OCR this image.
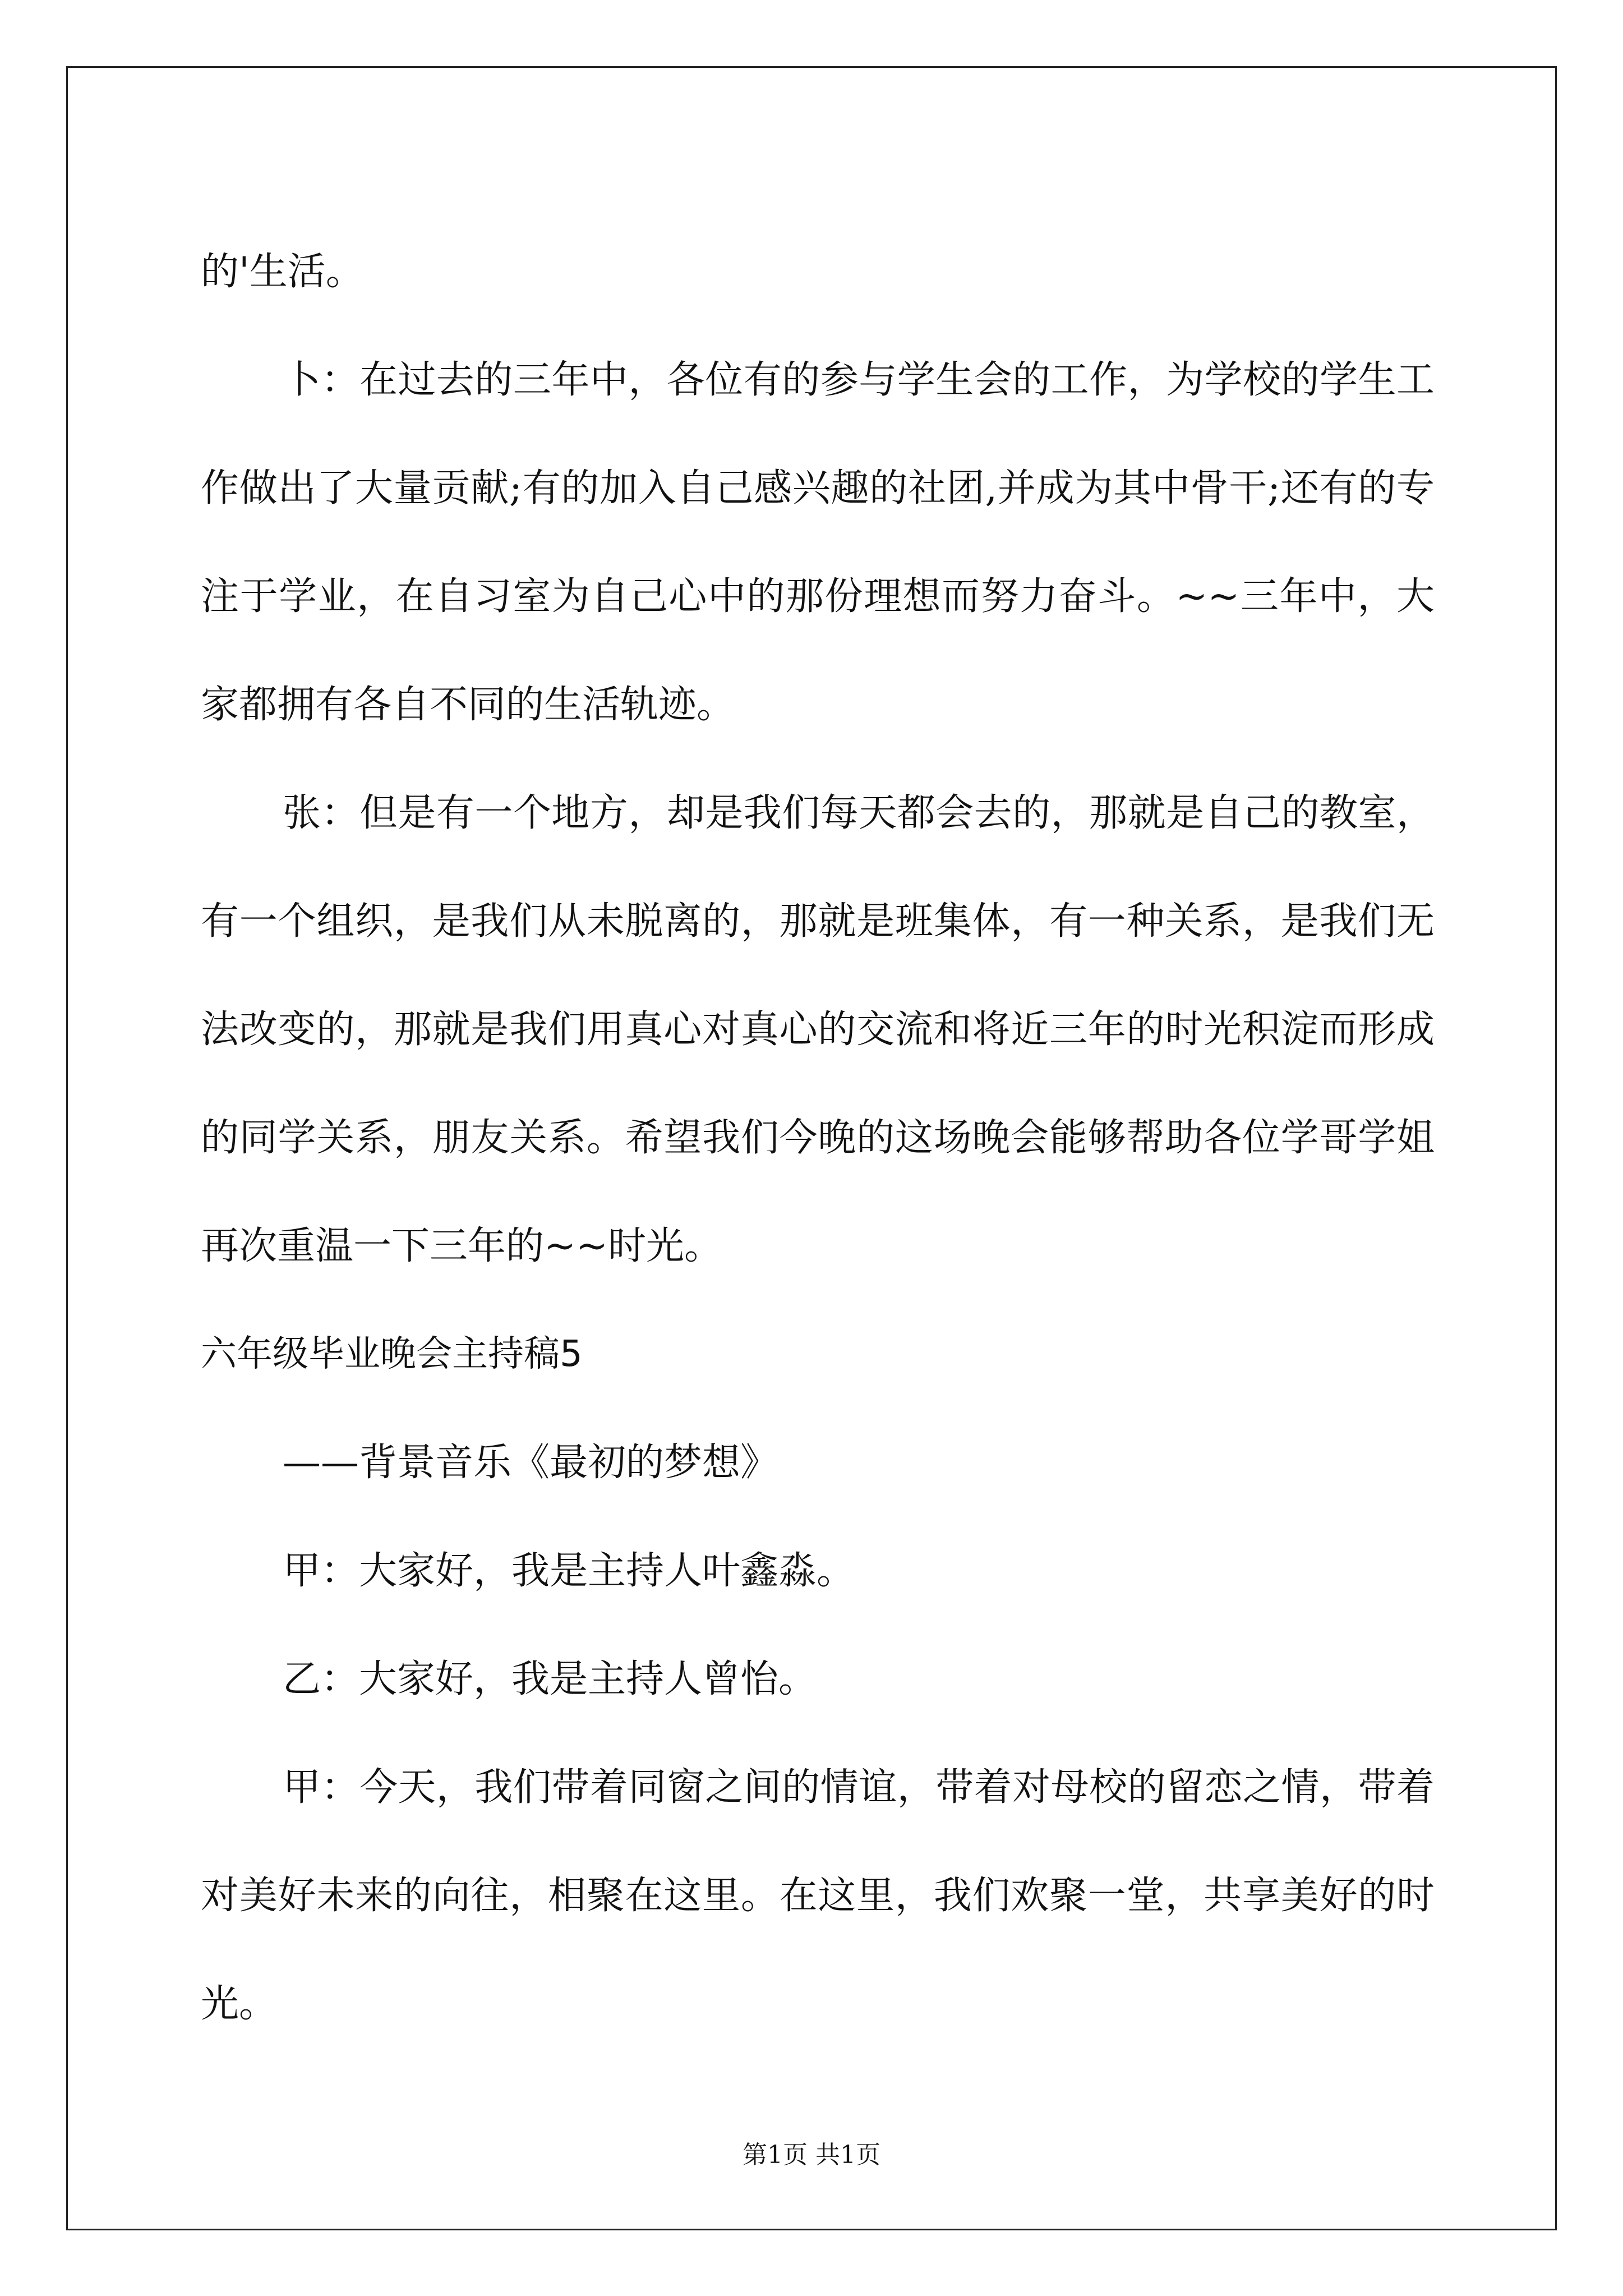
的'生活。

卜：在过去的三年中，各位有的参与学生会的工作，为学校的学生工作做出了大量贡献;有的加入自己感兴趣的社团,并成为其中骨干;还有的专注于学业，在自习室为自己心中的那份理想而努力奋斗。~~三年中，大家都拥有各自不同的生活轨迹。

张：但是有一个地方，却是我们每天都会去的，那就是自己的教室，有一个组织，是我们从未脱离的，那就是班集体，有一种关系，是我们无法改变的，那就是我们用真心对真心的交流和将近三年的时光积淀而形成的同学关系，朋友关系。希望我们今晚的这场晚会能够帮助各位学哥学姐再次重温一下三年的~~时光。

六年级毕业晚会主持稿5

——背景音乐《最初的梦想》

甲：大家好，我是主持人叶鑫淼。

乙：大家好，我是主持人曾怡。

甲：今天，我们带着同窗之间的情谊，带着对母校的留恋之情，带着对美好未来的向往，相聚在这里。在这里，我们欢聚一堂，共享美好的时光。

第1页 共1页
